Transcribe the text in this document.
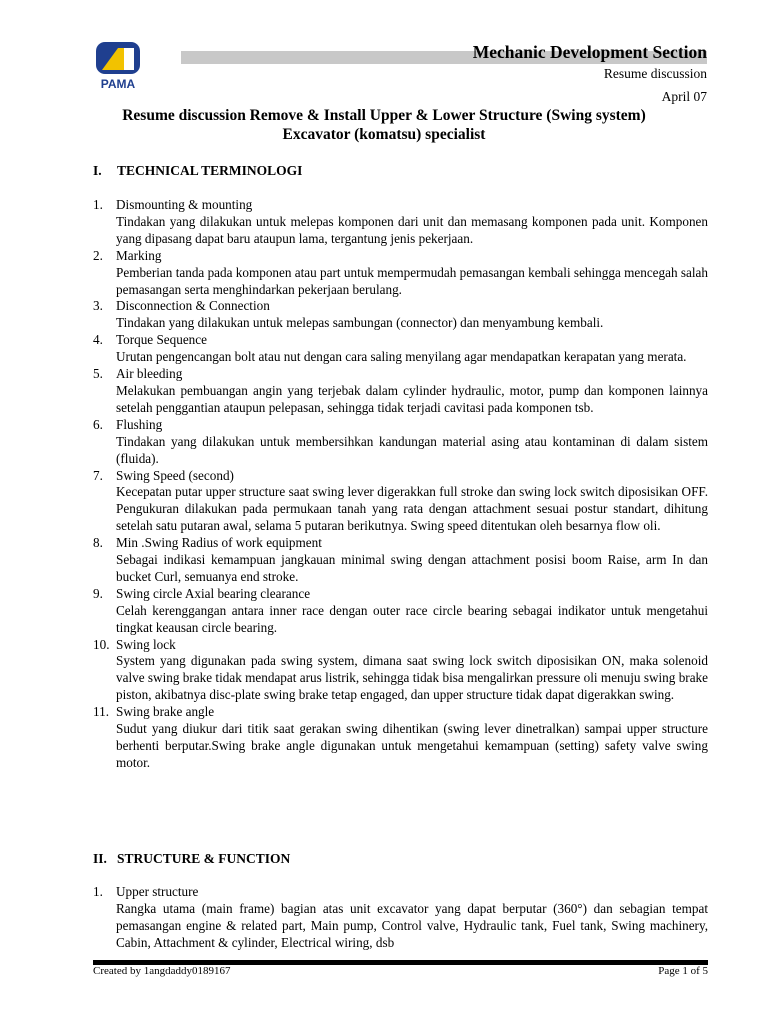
PAMA
Mechanic Development Section
Resume discussion
April 07
Resume discussion Remove & Install Upper & Lower Structure (Swing system)
Excavator (komatsu) specialist
I. TECHNICAL TERMINOLOGI
1. Dismounting & mounting
Tindakan yang dilakukan untuk melepas komponen dari unit dan memasang komponen pada unit. Komponen yang dipasang dapat baru ataupun lama, tergantung jenis pekerjaan.
2. Marking
Pemberian tanda pada komponen atau part untuk mempermudah pemasangan kembali sehingga mencegah salah pemasangan serta menghindarkan pekerjaan berulang.
3. Disconnection & Connection
Tindakan yang dilakukan untuk melepas sambungan (connector) dan menyambung kembali.
4. Torque Sequence
Urutan pengencangan bolt atau nut dengan cara saling menyilang agar mendapatkan kerapatan yang merata.
5. Air bleeding
Melakukan pembuangan angin yang terjebak dalam cylinder hydraulic, motor, pump dan komponen lainnya setelah penggantian ataupun pelepasan, sehingga tidak terjadi cavitasi pada komponen tsb.
6. Flushing
Tindakan yang dilakukan untuk membersihkan kandungan material asing atau kontaminan di dalam sistem (fluida).
7. Swing Speed (second)
Kecepatan putar upper structure saat swing lever digerakkan full stroke dan swing lock switch diposisikan OFF. Pengukuran dilakukan pada permukaan tanah yang rata dengan attachment sesuai postur standart, dihitung setelah satu putaran awal, selama 5 putaran berikutnya. Swing speed ditentukan oleh besarnya flow oli.
8. Min .Swing Radius of work equipment
Sebagai indikasi kemampuan jangkauan minimal swing dengan attachment posisi boom Raise, arm In dan bucket Curl, semuanya end stroke.
9. Swing circle Axial bearing clearance
Celah kerenggangan antara inner race dengan outer race circle bearing sebagai indikator untuk mengetahui tingkat keausan circle bearing.
10. Swing lock
System yang digunakan pada swing system, dimana saat swing lock switch diposisikan ON, maka solenoid valve swing brake tidak mendapat arus listrik, sehingga tidak bisa mengalirkan pressure oli menuju swing brake piston, akibatnya disc-plate swing brake tetap engaged, dan upper structure tidak dapat digerakkan swing.
11. Swing brake angle
Sudut yang diukur dari titik saat gerakan swing dihentikan (swing lever dinetralkan) sampai upper structure berhenti berputar.Swing brake angle digunakan untuk mengetahui kemampuan (setting) safety valve swing motor.
II. STRUCTURE & FUNCTION
1. Upper structure
Rangka utama (main frame) bagian atas unit excavator yang dapat berputar (360°) dan sebagian tempat pemasangan engine & related part, Main pump, Control valve, Hydraulic tank, Fuel tank, Swing machinery, Cabin, Attachment & cylinder, Electrical wiring, dsb
Created by 1angdaddy0189167	Page 1 of 5
